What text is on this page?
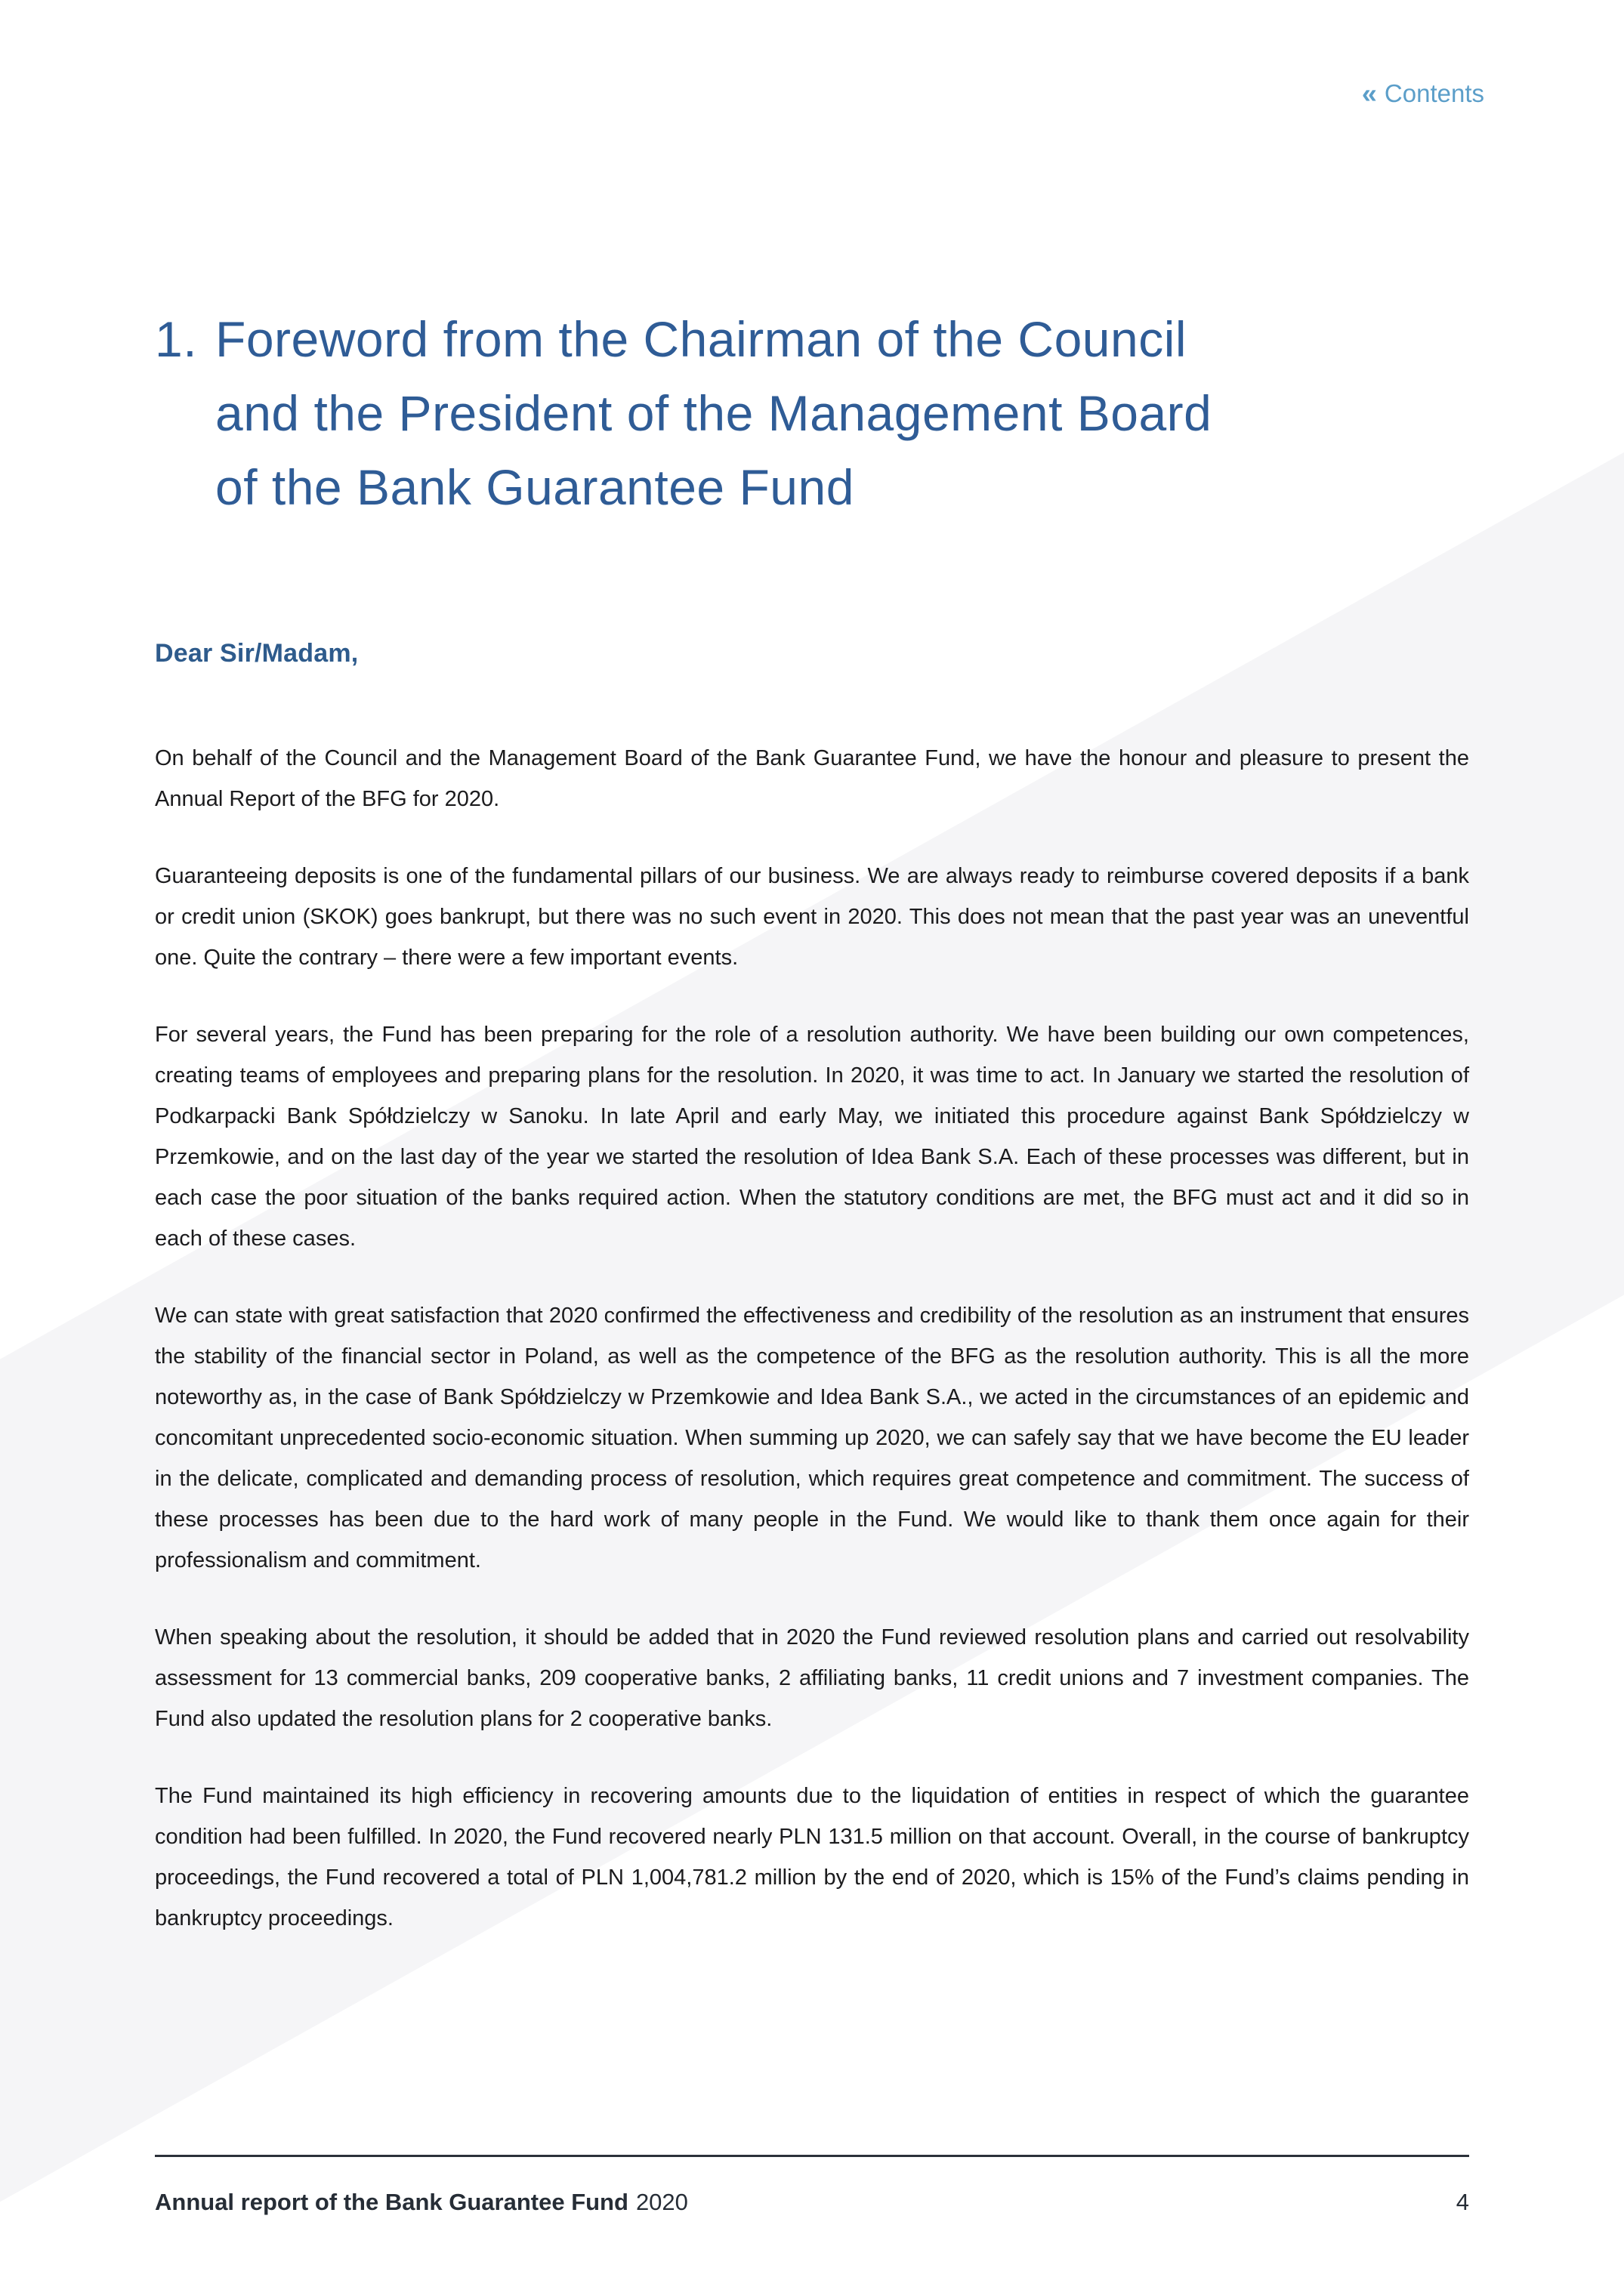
« Contents
1. Foreword from the Chairman of the Council
and the President of the Management Board
of the Bank Guarantee Fund
Dear Sir/Madam,

On behalf of the Council and the Management Board of the Bank Guarantee Fund, we have the honour and pleasure to present the Annual Report of the BFG for 2020.

Guaranteeing deposits is one of the fundamental pillars of our business. We are always ready to reimburse covered deposits if a bank or credit union (SKOK) goes bankrupt, but there was no such event in 2020. This does not mean that the past year was an uneventful one. Quite the contrary – there were a few important events.

For several years, the Fund has been preparing for the role of a resolution authority. We have been building our own competences, creating teams of employees and preparing plans for the resolution. In 2020, it was time to act. In January we started the resolution of Podkarpacki Bank Spółdzielczy w Sanoku. In late April and early May, we initiated this procedure against Bank Spółdzielczy w Przemkowie, and on the last day of the year we started the resolution of Idea Bank S.A. Each of these processes was different, but in each case the poor situation of the banks required action. When the statutory conditions are met, the BFG must act and it did so in each of these cases.

We can state with great satisfaction that 2020 confirmed the effectiveness and credibility of the resolution as an instrument that ensures the stability of the financial sector in Poland, as well as the competence of the BFG as the resolution authority. This is all the more noteworthy as, in the case of Bank Spółdzielczy w Przemkowie and Idea Bank S.A., we acted in the circumstances of an epidemic and concomitant unprecedented socio-economic situation. When summing up 2020, we can safely say that we have become the EU leader in the delicate, complicated and demanding process of resolution, which requires great competence and commitment. The success of these processes has been due to the hard work of many people in the Fund. We would like to thank them once again for their professionalism and commitment.

When speaking about the resolution, it should be added that in 2020 the Fund reviewed resolution plans and carried out resolvability assessment for 13 commercial banks, 209 cooperative banks, 2 affiliating banks, 11 credit unions and 7 investment companies. The Fund also updated the resolution plans for 2 cooperative banks.

The Fund maintained its high efficiency in recovering amounts due to the liquidation of entities in respect of which the guarantee condition had been fulfilled. In 2020, the Fund recovered nearly PLN 131.5 million on that account. Overall, in the course of bankruptcy proceedings, the Fund recovered a total of PLN 1,004,781.2 million by the end of 2020, which is 15% of the Fund’s claims pending in bankruptcy proceedings.

Annual report of the Bank Guarantee Fund 2020	4
